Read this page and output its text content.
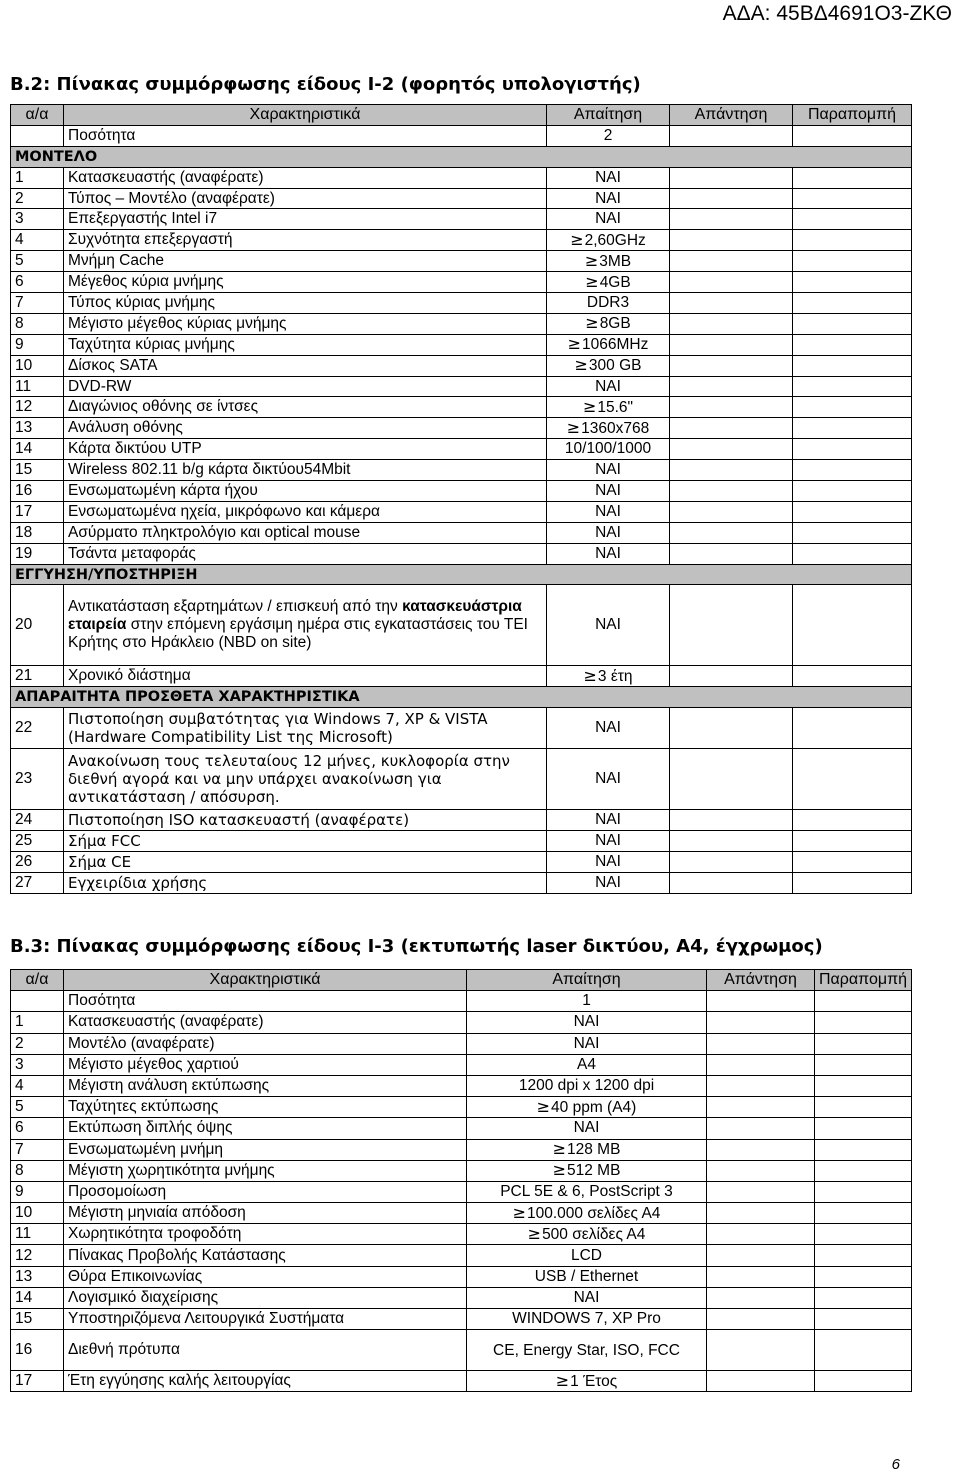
ΑΔΑ: 45ΒΔ4691Ο3-ΖΚΘ
Β.2: Πίνακας συμμόρφωσης είδους Ι-2 (φορητός υπολογιστής)
α/α	Χαρακτηριστικά	Απαίτηση	Απάντηση	Παραπομπή
	Ποσότητα	2		
ΜΟΝΤΕΛΟ				
1	Κατασκευαστής (αναφέρατε)	ΝΑΙ		
2	Τύπος – Μοντέλο (αναφέρατε)	ΝΑΙ		
3	Επεξεργαστής Intel i7	ΝΑΙ		
4	Συχνότητα επεξεργαστή	≥2,60GHz		
5	Μνήμη Cache	≥3MB		
6	Μέγεθος κύρια μνήμης	≥4GB		
7	Τύπος κύριας μνήμης	DDR3		
8	Μέγιστο μέγεθος κύριας μνήμης	≥8GB		
9	Ταχύτητα κύριας μνήμης	≥1066MHz		
10	Δίσκος SATA	≥300 GB		
11	DVD-RW	ΝΑΙ		
12	Διαγώνιος οθόνης σε ίντσες	≥15.6"		
13	Ανάλυση οθόνης	≥1360x768		
14	Κάρτα δικτύου UTP	10/100/1000		
15	Wireless 802.11 b/g κάρτα δικτύου54Mbit	ΝΑΙ		
16	Ενσωματωμένη κάρτα ήχου	ΝΑΙ		
17	Ενσωματωμένα ηχεία, μικρόφωνο και κάμερα	ΝΑΙ		
18	Ασύρματο πληκτρολόγιο και optical mouse	ΝΑΙ		
19	Τσάντα μεταφοράς	ΝΑΙ		
ΕΓΓΥΗΣΗ/ΥΠΟΣΤΗΡΙΞΗ				
20	Αντικατάσταση εξαρτημάτων / επισκευή από την κατασκευάστρια εταιρεία στην επόμενη εργάσιμη ημέρα στις εγκαταστάσεις του ΤΕΙ Κρήτης στο Ηράκλειο (NBD on site)	ΝΑΙ		
21	Χρονικό διάστημα	≥3 έτη		
ΑΠΑΡΑΙΤΗΤΑ ΠΡΟΣΘΕΤΑ ΧΑΡΑΚΤΗΡΙΣΤΙΚΑ				
22	Πιστοποίηση συμβατότητας για Windows 7, XP & VISTA (Hardware Compatibility List της Microsoft)	ΝΑΙ		
23	Ανακοίνωση τους τελευταίους 12 μήνες, κυκλοφορία στην διεθνή αγορά και να μην υπάρχει ανακοίνωση για αντικατάσταση / απόσυρση.	ΝΑΙ		
24	Πιστοποίηση ISO κατασκευαστή (αναφέρατε)	ΝΑΙ		
25	Σήμα FCC	ΝΑΙ		
26	Σήμα CE	ΝΑΙ		
27	Εγχειρίδια χρήσης	ΝΑΙ		
Β.3: Πίνακας συμμόρφωσης είδους Ι-3 (εκτυπωτής laser δικτύου, Α4, έγχρωμος)
α/α	Χαρακτηριστικά	Απαίτηση	Απάντηση	Παραπομπή
	Ποσότητα	1		
1	Κατασκευαστής (αναφέρατε)	ΝΑΙ		
2	Μοντέλο (αναφέρατε)	ΝΑΙ		
3	Μέγιστο μέγεθος χαρτιού	Α4		
4	Μέγιστη ανάλυση εκτύπωσης	1200 dpi x 1200 dpi		
5	Ταχύτητες εκτύπωσης	≥40 ppm (A4)		
6	Εκτύπωση διπλής όψης	ΝΑΙ		
7	Ενσωματωμένη μνήμη	≥128 MB		
8	Μέγιστη χωρητικότητα μνήμης	≥512 MB		
9	Προσομοίωση	PCL 5E & 6, PostScript 3		
10	Μέγιστη μηνιαία απόδοση	≥100.000 σελίδες Α4		
11	Χωρητικότητα τροφοδότη	≥500 σελίδες Α4		
12	Πίνακας Προβολής Κατάστασης	LCD		
13	Θύρα Επικοινωνίας	USB / Ethernet		
14	Λογισμικό διαχείρισης	ΝΑΙ		
15	Υποστηριζόμενα Λειτουργικά Συστήματα	WINDOWS 7, XP Pro		
16	Διεθνή πρότυπα	CE, Energy Star, ISO, FCC		
17	Έτη εγγύησης καλής λειτουργίας	≥1 Έτος		
6
